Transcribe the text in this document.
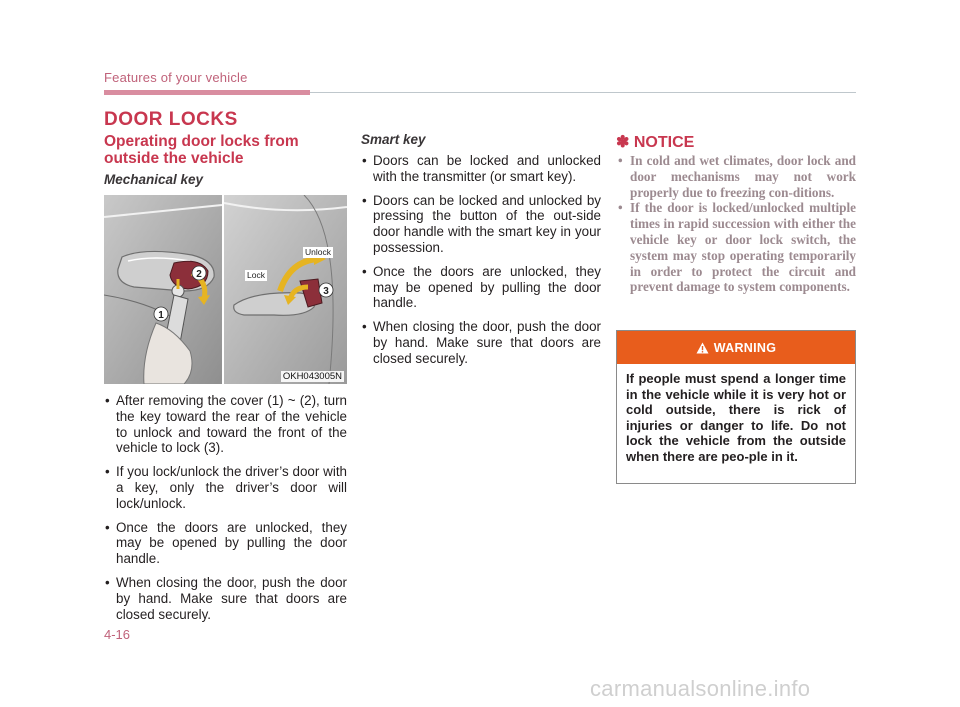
Features of your vehicle
DOOR LOCKS
Operating door locks from outside the vehicle
Mechanical key
1
2
3
Lock
Unlock
OKH043005N
• After removing the cover (1) ~ (2), turn the key toward the rear of the vehicle to unlock and toward the front of the vehicle to lock (3).
• If you lock/unlock the driver’s door with a key, only the driver’s door will lock/unlock.
• Once the doors are unlocked, they may be opened by pulling the door handle.
• When closing the door, push the door by hand. Make sure that doors are closed securely.
Smart key
• Doors can be locked and unlocked with the transmitter (or smart key).
• Doors can be locked and unlocked by pressing the button of the out-side door handle with the smart key in your possession.
• Once the doors are unlocked, they may be opened by pulling the door handle.
• When closing the door, push the door by hand. Make sure that doors are closed securely.
✽ NOTICE
• In cold and wet climates, door lock and door mechanisms may not work properly due to freezing con-ditions.
• If the door is locked/unlocked multiple times in rapid succession with either the vehicle key or door lock switch, the system may stop operating temporarily in order to protect the circuit and prevent damage to system components.
WARNING
If people must spend a longer time in the vehicle while it is very hot or cold outside, there is rick of injuries or danger to life. Do not lock the vehicle from the outside when there are peo-ple in it.
4-16
carmanualsonline.info
